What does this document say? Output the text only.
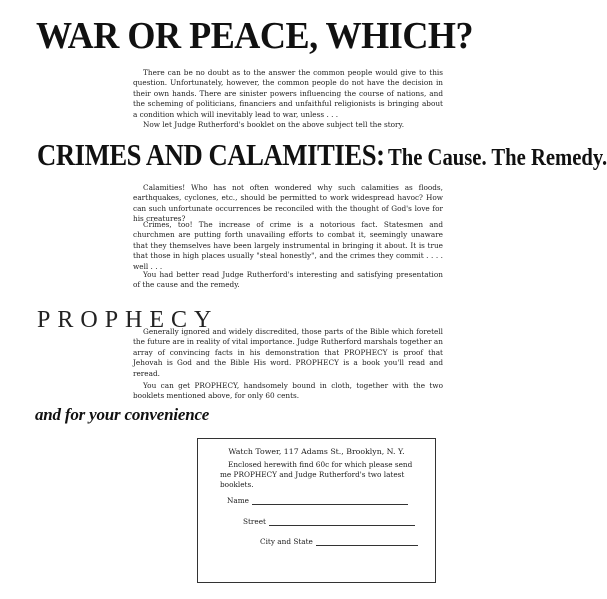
WAR OR PEACE, WHICH?
There can be no doubt as to the answer the common people would give to this question. Unfortunately, however, the common people do not have the decision in their own hands. There are sinister powers influencing the course of nations, and the scheming of politicians, financiers and unfaithful religionists is bringing about a condition which will inevitably lead to war, unless . . .
Now let Judge Rutherford's booklet on the above subject tell the story.
CRIMES AND CALAMITIES: The Cause. The Remedy.
Calamities! Who has not often wondered why such calamities as floods, earthquakes, cyclones, etc., should be permitted to work widespread havoc? How can such unfortunate occurrences be reconciled with the thought of God's love for his creatures?
Crimes, too! The increase of crime is a notorious fact. Statesmen and churchmen are putting forth unavailing efforts to combat it, seemingly unaware that they themselves have been largely instrumental in bringing it about. It is true that those in high places usually "steal honestly", and the crimes they commit . . . . well . . .
You had better read Judge Rutherford's interesting and satisfying presentation of the cause and the remedy.
PROPHECY
Generally ignored and widely discredited, those parts of the Bible which foretell the future are in reality of vital importance. Judge Rutherford marshals together an array of convincing facts in his demonstration that PROPHECY is proof that Jehovah is God and the Bible His word. PROPHECY is a book you'll read and reread.
You can get PROPHECY, handsomely bound in cloth, together with the two booklets mentioned above, for only 60 cents.
and for your convenience
Watch Tower, 117 Adams St., Brooklyn, N. Y.
Enclosed herewith find 60c for which please send me PROPHECY and Judge Rutherford's two latest booklets.
Name
Street
City and State
